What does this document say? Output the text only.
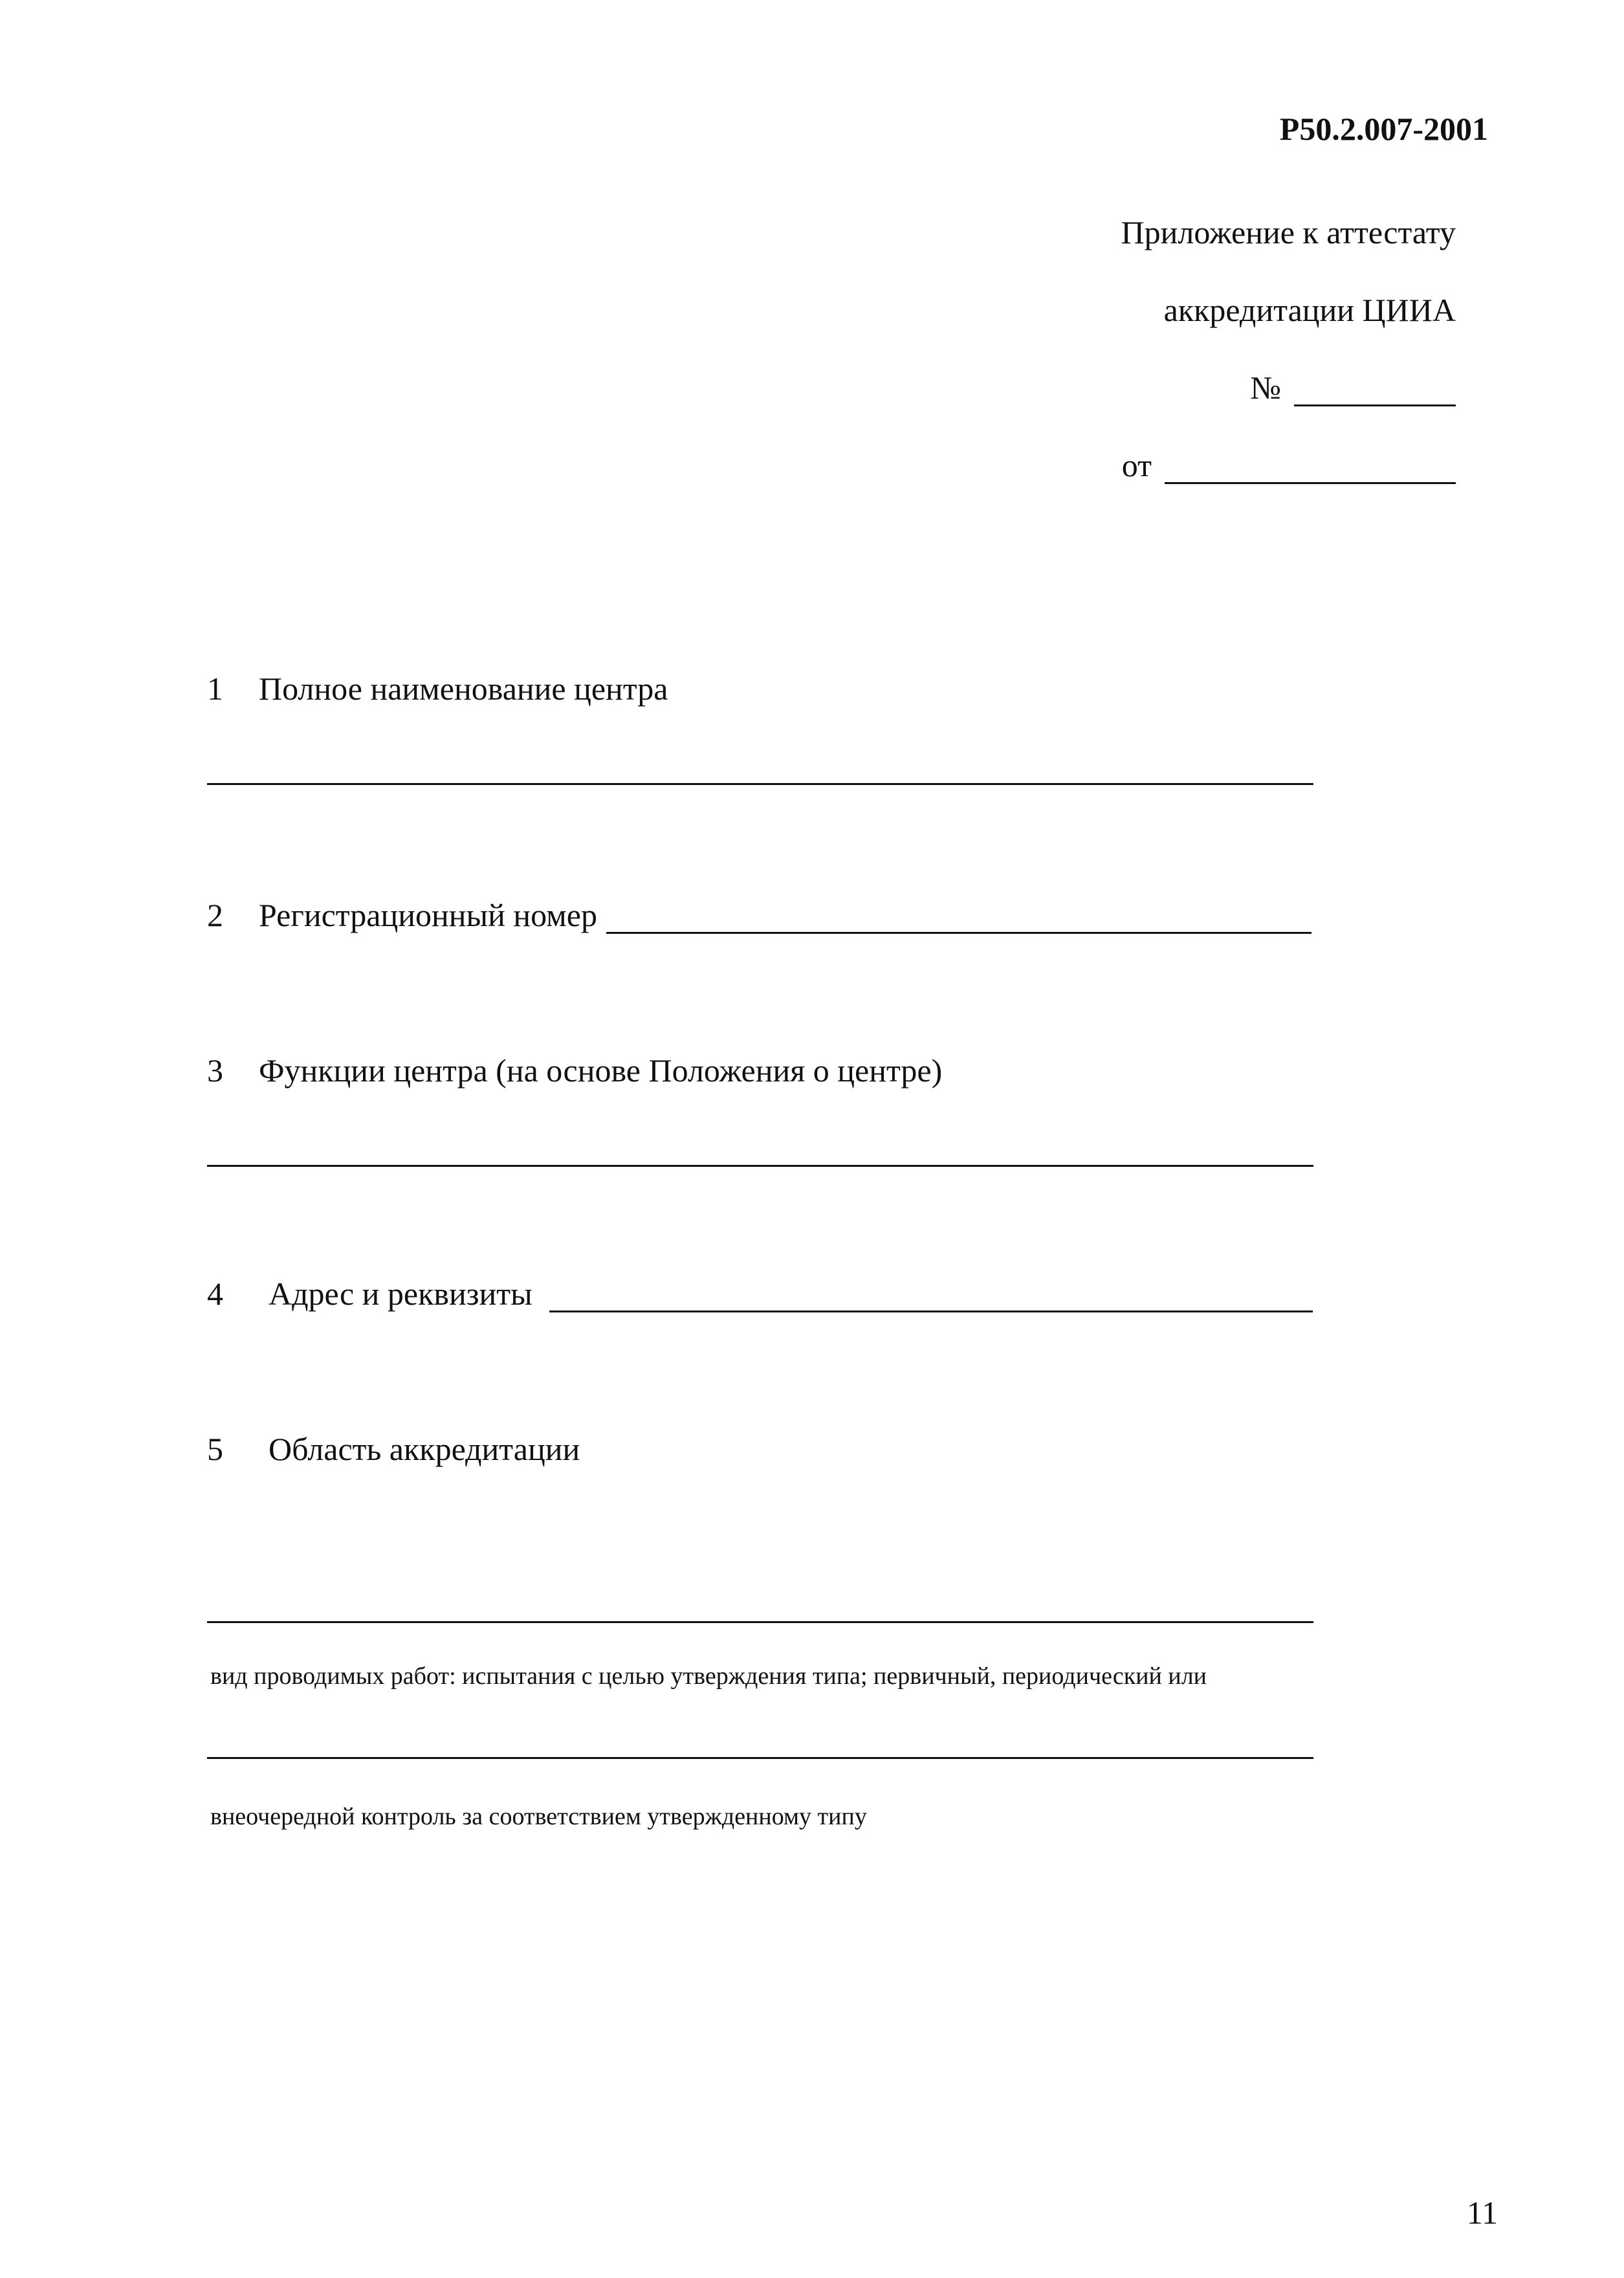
Р50.2.007-2001
Приложение к аттестату
аккредитации ЦИИА
№
от
1	Полное наименование центра
2	Регистрационный номер
3	Функции центра (на основе Положения о центре)
4	Адрес и реквизиты
5	Область аккредитации
вид проводимых работ: испытания с целью утверждения типа; первичный, периодический или
внеочередной контроль за соответствием утвержденному типу
11
